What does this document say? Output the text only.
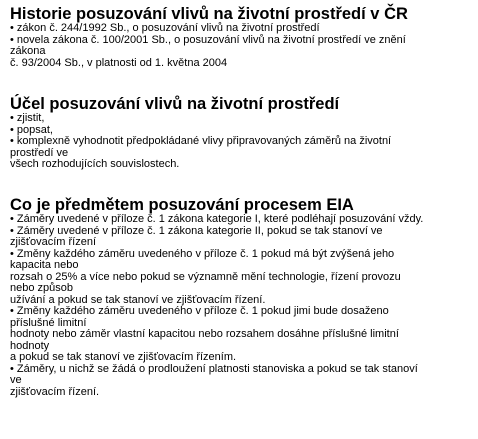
Historie posuzování vlivů na životní prostředí v ČR
• zákon č. 244/1992 Sb., o posuzování vlivů na životní prostředí
• novela zákona č. 100/2001 Sb., o posuzování vlivů na životní prostředí ve znění
zákona
č. 93/2004 Sb., v platnosti od 1. května 2004
Účel posuzování vlivů na životní prostředí
• zjistit,
• popsat,
• komplexně vyhodnotit předpokládané vlivy připravovaných záměrů na životní
prostředí ve
všech rozhodujících souvislostech.
Co je předmětem posuzování procesem EIA
• Záměry uvedené v příloze č. 1 zákona kategorie I, které podléhají posuzování vždy.
• Záměry uvedené v příloze č. 1 zákona kategorie II, pokud se tak stanoví ve
zjišťovacím řízení
• Změny každého záměru uvedeného v příloze č. 1 pokud má být zvýšená jeho
kapacita nebo
rozsah o 25% a více nebo pokud se významně mění technologie, řízení provozu
nebo způsob
užívání a pokud se tak stanoví ve zjišťovacím řízení.
• Změny každého záměru uvedeného v příloze č. 1 pokud jimi bude dosaženo
příslušné limitní
hodnoty nebo záměr vlastní kapacitou nebo rozsahem dosáhne příslušné limitní
hodnoty
a pokud se tak stanoví ve zjišťovacím řízením.
• Záměry, u nichž se žádá o prodloužení platnosti stanoviska a pokud se tak stanoví
ve
zjišťovacím řízení.
